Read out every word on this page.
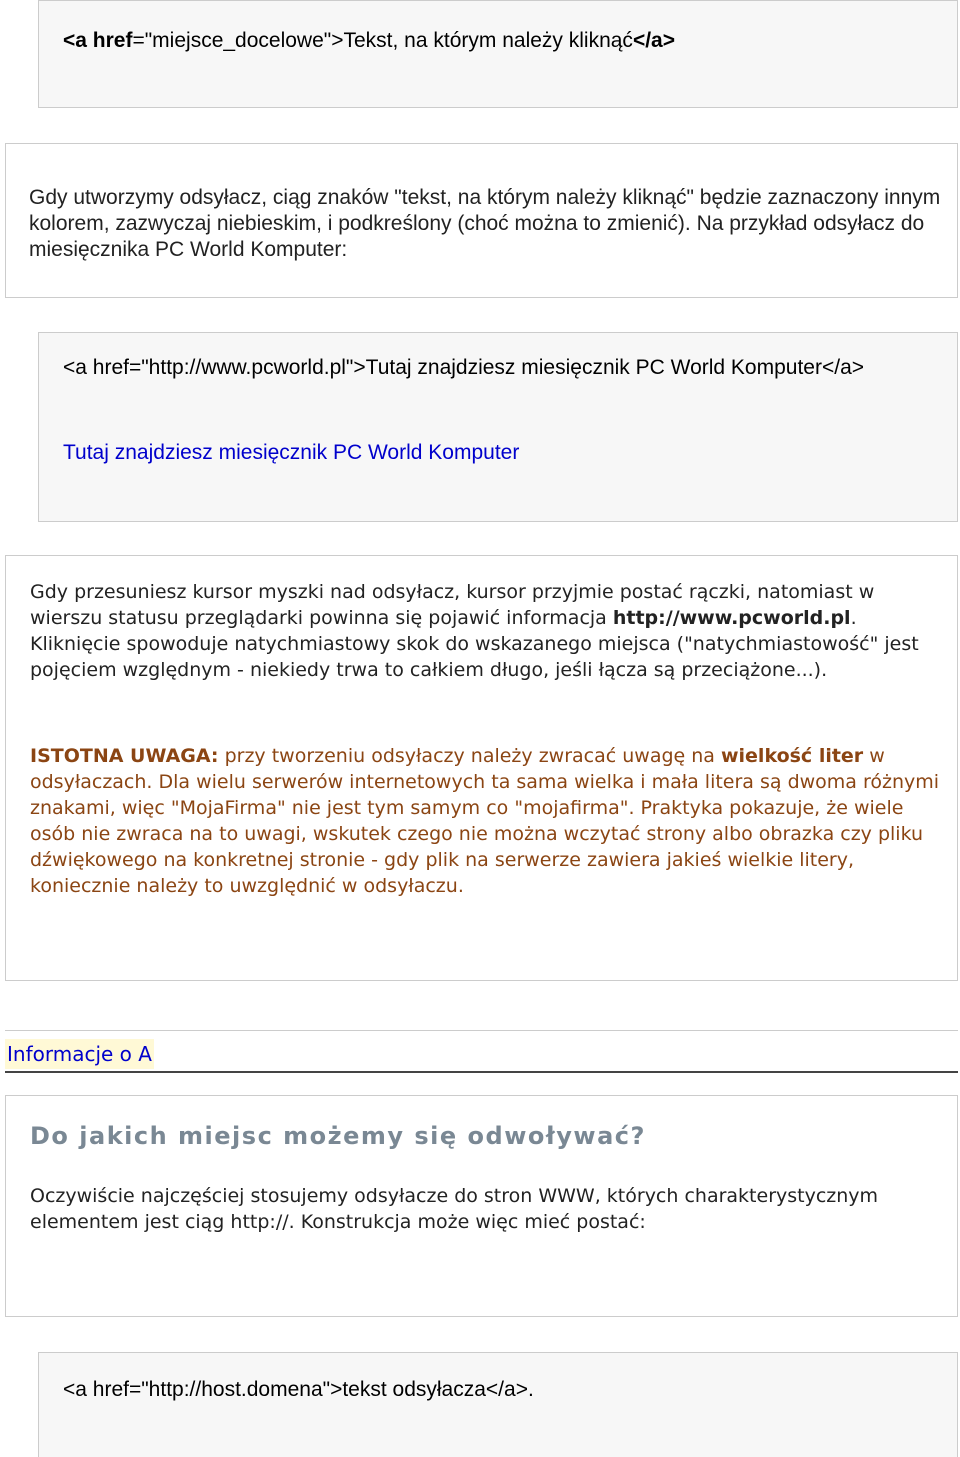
<a href="miejsce_docelowe">Tekst, na którym należy kliknąć</a>

Gdy utworzymy odsyłacz, ciąg znaków "tekst, na którym należy kliknąć" będzie zaznaczony innym kolorem, zazwyczaj niebieskim, i podkreślony (choć można to zmienić). Na przykład odsyłacz do miesięcznika PC World Komputer:

<a href="http://www.pcworld.pl">Tutaj znajdziesz miesięcznik PC World Komputer</a>

Tutaj znajdziesz miesięcznik PC World Komputer

Gdy przesuniesz kursor myszki nad odsyłacz, kursor przyjmie postać rączki, natomiast w wierszu statusu przeglądarki powinna się pojawić informacja http://www.pcworld.pl. Kliknięcie spowoduje natychmiastowy skok do wskazanego miejsca ("natychmiastowość" jest pojęciem względnym - niekiedy trwa to całkiem długo, jeśli łącza są przeciążone...).

ISTOTNA UWAGA: przy tworzeniu odsyłaczy należy zwracać uwagę na wielkość liter w odsyłaczach. Dla wielu serwerów internetowych ta sama wielka i mała litera są dwoma różnymi znakami, więc "MojaFirma" nie jest tym samym co "mojafirma". Praktyka pokazuje, że wiele osób nie zwraca na to uwagi, wskutek czego nie można wczytać strony albo obrazka czy pliku dźwiękowego na konkretnej stronie - gdy plik na serwerze zawiera jakieś wielkie litery, koniecznie należy to uwzględnić w odsyłaczu.

Informacje o A
Do jakich miejsc możemy się odwoływać?

Oczywiście najczęściej stosujemy odsyłacze do stron WWW, których charakterystycznym elementem jest ciąg http://. Konstrukcja może więc mieć postać:

<a href="http://host.domena">tekst odsyłacza</a>.
